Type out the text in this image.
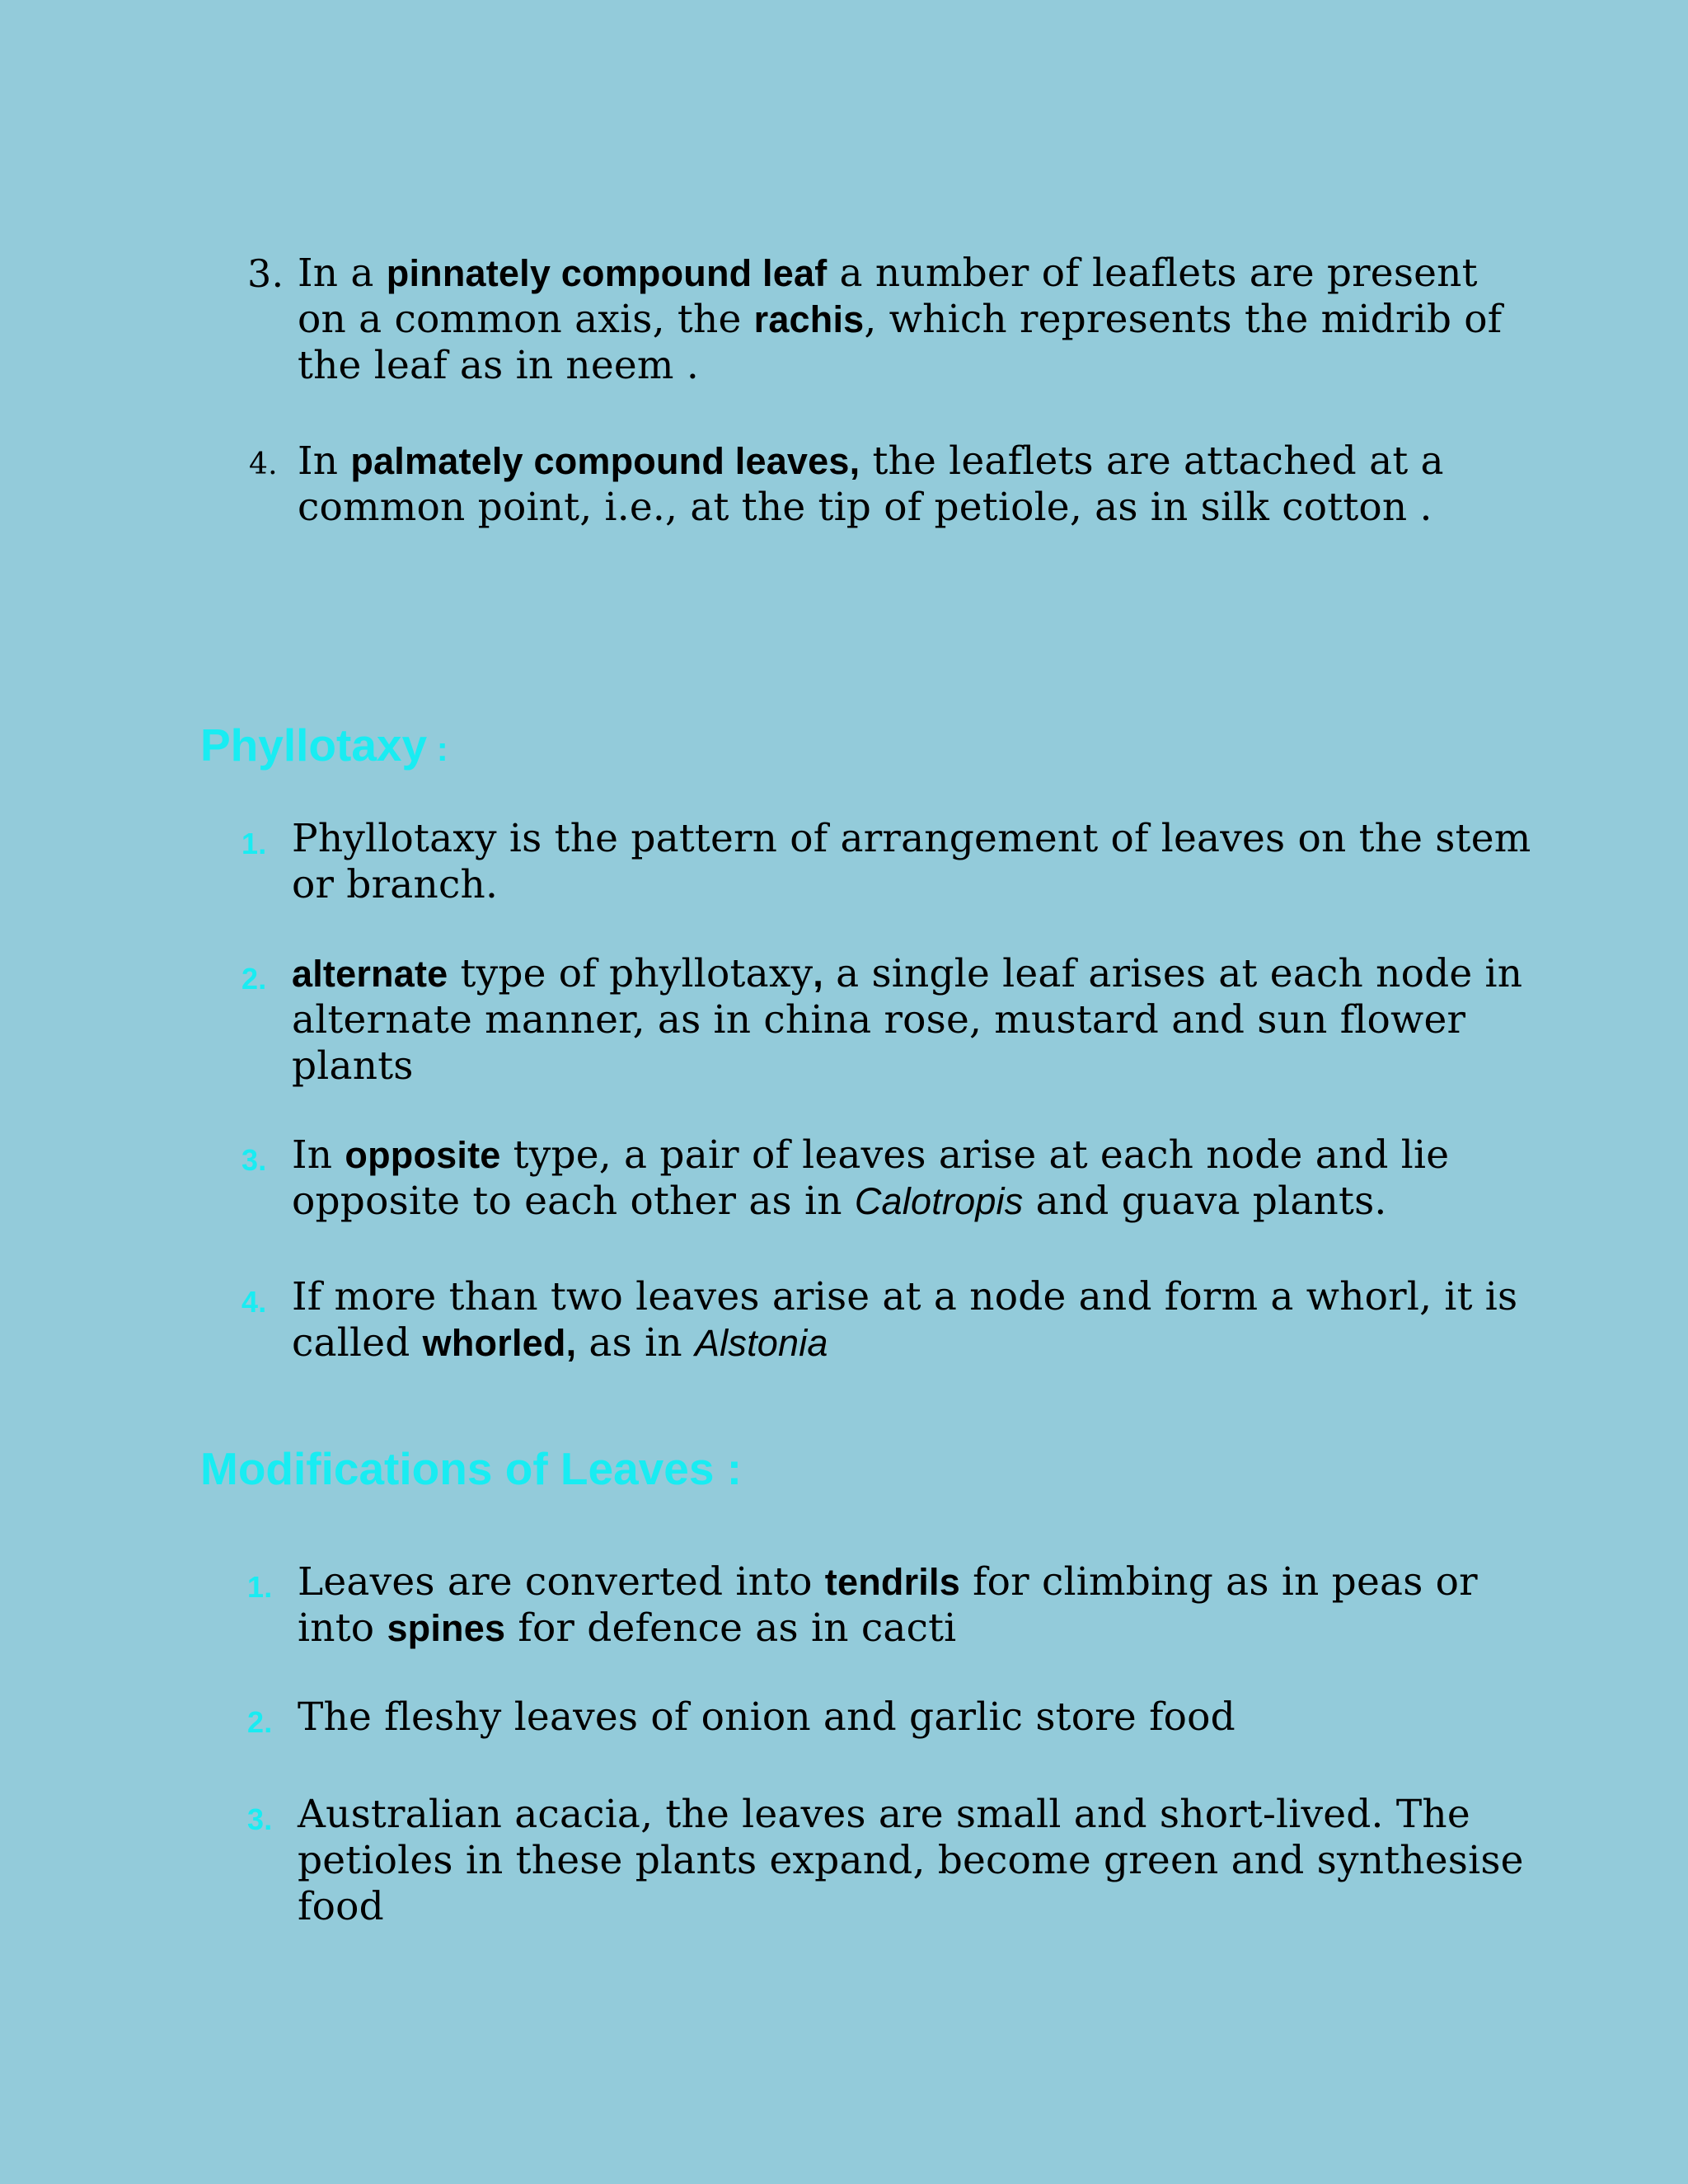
3. In a pinnately compound leaf a number of leaflets are present
on a common axis, the rachis, which represents the midrib of
the leaf as in neem .
4. In palmately compound leaves, the leaflets are attached at a
common point, i.e., at the tip of petiole, as in silk cotton .
Phyllotaxy :
1. Phyllotaxy is the pattern of arrangement of leaves on the stem
or branch.
2. alternate type of phyllotaxy, a single leaf arises at each node in
alternate manner, as in china rose, mustard and sun flower
plants
3. In opposite type, a pair of leaves arise at each node and lie
opposite to each other as in Calotropis and guava plants.
4. If more than two leaves arise at a node and form a whorl, it is
called whorled, as in Alstonia
Modifications of Leaves :
1. Leaves are converted into tendrils for climbing as in peas or
into spines for defence as in cacti
2. The fleshy leaves of onion and garlic store food
3. Australian acacia, the leaves are small and short-lived. The
petioles in these plants expand, become green and synthesise
food
